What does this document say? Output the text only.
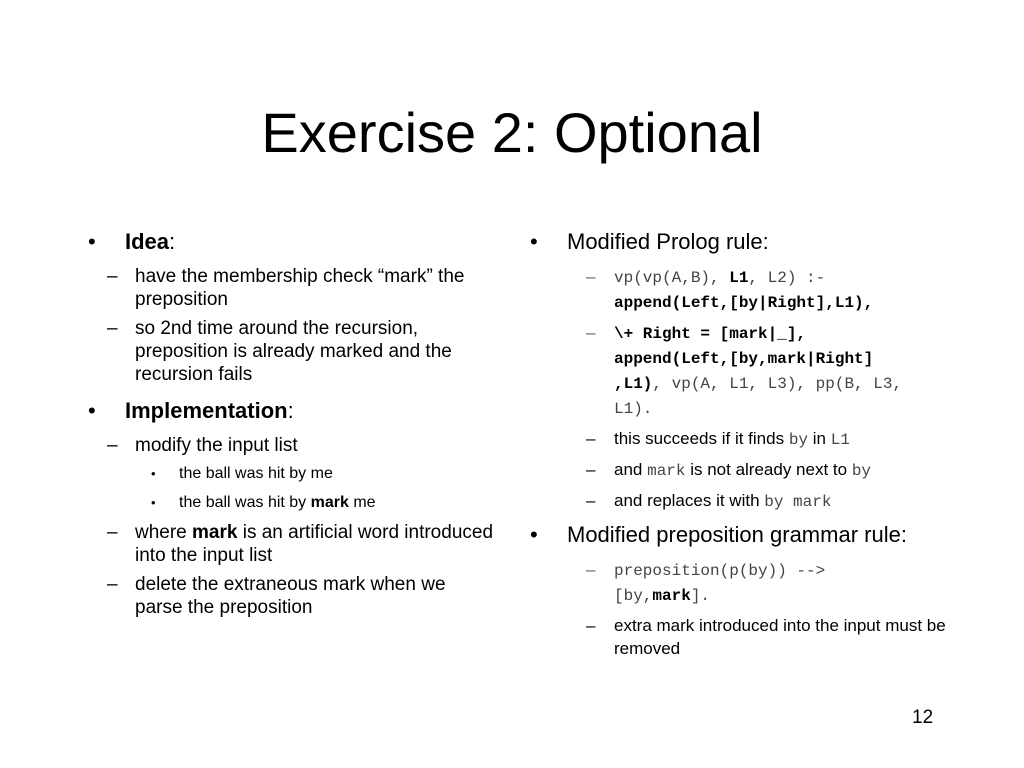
Exercise 2: Optional
• Idea:
– have the membership check “mark” the preposition
– so 2nd time around the recursion, preposition is already marked and the recursion fails
• Implementation:
– modify the input list
• the ball was hit by me
• the ball was hit by mark me
– where mark is an artificial word introduced into the input list
– delete the extraneous mark when we parse the preposition
• Modified Prolog rule:
– vp(vp(A,B), L1, L2) :-
append(Left,[by|Right],L1),
– \+ Right = [mark|_],
append(Left,[by,mark|Right]
,L1), vp(A, L1, L3), pp(B, L3, L1).
– this succeeds if it finds by in L1
– and mark is not already next to by
– and replaces it with by mark
• Modified preposition grammar rule:
– preposition(p(by)) -->
[by,mark].
– extra mark introduced into the input must be removed
12
